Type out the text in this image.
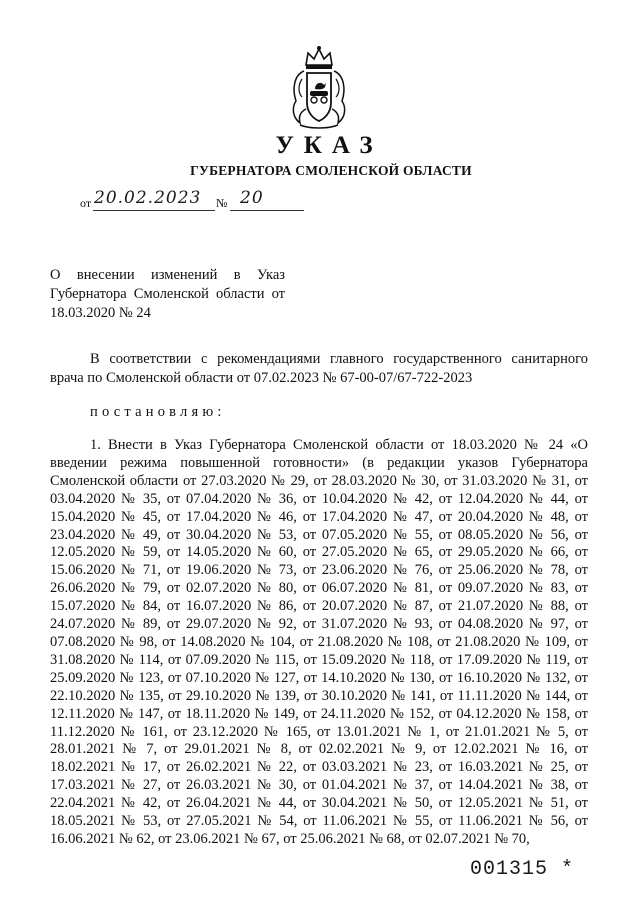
УКАЗ
ГУБЕРНАТОРА СМОЛЕНСКОЙ ОБЛАСТИ
от 20.02.2023 № 20
О внесении изменений в Указ Губернатора Смоленской области от 18.03.2020 № 24
В соответствии с рекомендациями главного государственного санитарного врача по Смоленской области от 07.02.2023 № 67-00-07/67-722-2023
постановляю:
1. Внести в Указ Губернатора Смоленской области от 18.03.2020 № 24 «О введении режима повышенной готовности» (в редакции указов Губернатора Смоленской области от 27.03.2020 № 29, от 28.03.2020 № 30, от 31.03.2020 № 31, от 03.04.2020 № 35, от 07.04.2020 № 36, от 10.04.2020 № 42, от 12.04.2020 № 44, от 15.04.2020 № 45, от 17.04.2020 № 46, от 17.04.2020 № 47, от 20.04.2020 № 48, от 23.04.2020 № 49, от 30.04.2020 № 53, от 07.05.2020 № 55, от 08.05.2020 № 56, от 12.05.2020 № 59, от 14.05.2020 № 60, от 27.05.2020 № 65, от 29.05.2020 № 66, от 15.06.2020 № 71, от 19.06.2020 № 73, от 23.06.2020 № 76, от 25.06.2020 № 78, от 26.06.2020 № 79, от 02.07.2020 № 80, от 06.07.2020 № 81, от 09.07.2020 № 83, от 15.07.2020 № 84, от 16.07.2020 № 86, от 20.07.2020 № 87, от 21.07.2020 № 88, от 24.07.2020 № 89, от 29.07.2020 № 92, от 31.07.2020 № 93, от 04.08.2020 № 97, от 07.08.2020 № 98, от 14.08.2020 № 104, от 21.08.2020 № 108, от 21.08.2020 № 109, от 31.08.2020 № 114, от 07.09.2020 № 115, от 15.09.2020 № 118, от 17.09.2020 № 119, от 25.09.2020 № 123, от 07.10.2020 № 127, от 14.10.2020 № 130, от 16.10.2020 № 132, от 22.10.2020 № 135, от 29.10.2020 № 139, от 30.10.2020 № 141, от 11.11.2020 № 144, от 12.11.2020 № 147, от 18.11.2020 № 149, от 24.11.2020 № 152, от 04.12.2020 № 158, от 11.12.2020 № 161, от 23.12.2020 № 165, от 13.01.2021 № 1, от 21.01.2021 № 5, от 28.01.2021 № 7, от 29.01.2021 № 8, от 02.02.2021 № 9, от 12.02.2021 № 16, от 18.02.2021 № 17, от 26.02.2021 № 22, от 03.03.2021 № 23, от 16.03.2021 № 25, от 17.03.2021 № 27, от 26.03.2021 № 30, от 01.04.2021 № 37, от 14.04.2021 № 38, от 22.04.2021 № 42, от 26.04.2021 № 44, от 30.04.2021 № 50, от 12.05.2021 № 51, от 18.05.2021 № 53, от 27.05.2021 № 54, от 11.06.2021 № 55, от 11.06.2021 № 56, от 16.06.2021 № 62, от 23.06.2021 № 67, от 25.06.2021 № 68, от 02.07.2021 № 70,
001315 *
